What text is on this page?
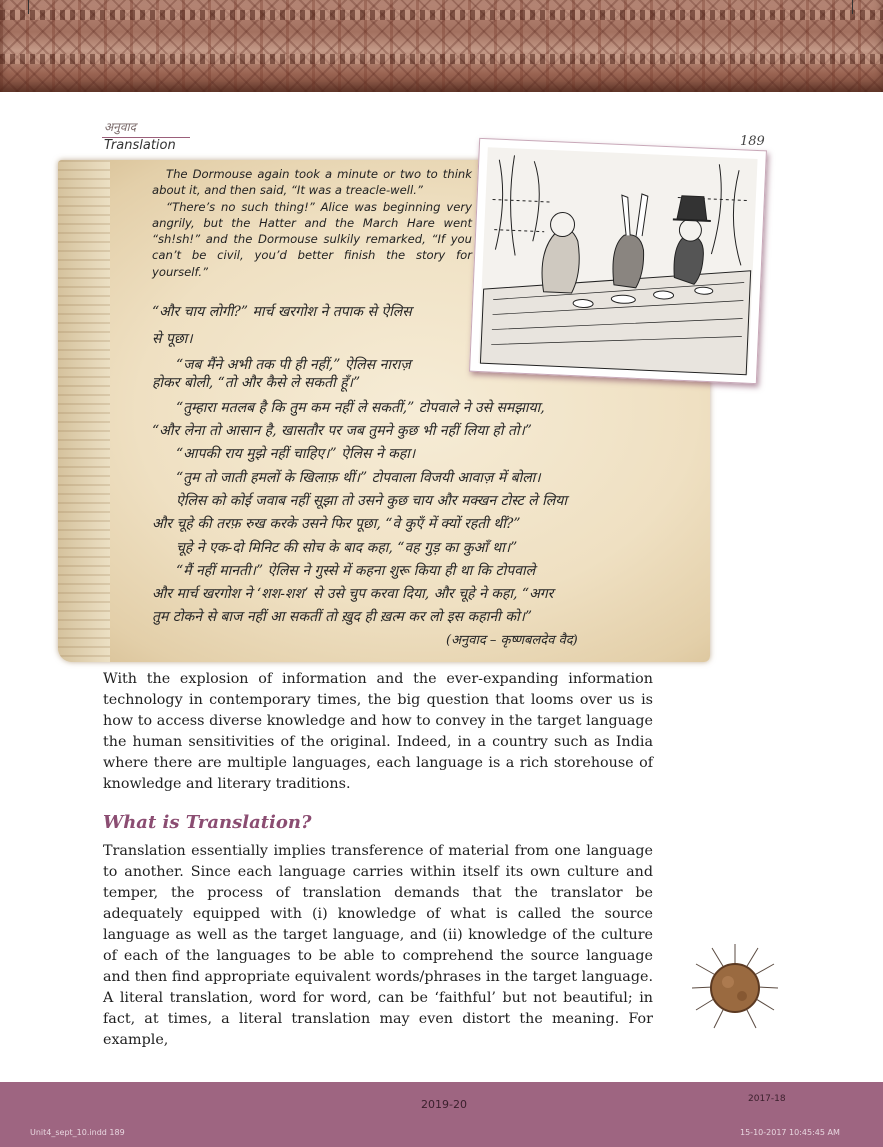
अनुवाद
Translation	189

The Dormouse again took a minute or two to think about it, and then said, “It was a treacle-well.”

“There’s no such thing!” Alice was beginning very angrily, but the Hatter and the March Hare went “sh!sh!” and the Dormouse sulkily remarked, “If you can’t be civil, you’d better finish the story for yourself.”

“और चाय लोगी?” मार्च खरगोश ने तपाक से ऐलिस
से पूछा।
“जब मैंने अभी तक पी ही नहीं,” ऐलिस नाराज़
होकर बोली, “तो और कैसे ले सकती हूँ।”
“तुम्हारा मतलब है कि तुम कम नहीं ले सकतीं,” टोपवाले ने उसे समझाया,
“और लेना तो आसान है, खासतौर पर जब तुमने कुछ भी नहीं लिया हो तो।”
“आपकी राय मुझे नहीं चाहिए।” ऐलिस ने कहा।
“तुम तो जाती हमलों के खिलाफ़ थीं।” टोपवाला विजयी आवाज़ में बोला।
ऐलिस को कोई जवाब नहीं सूझा तो उसने कुछ चाय और मक्खन टोस्ट ले लिया
और चूहे की तरफ़ रुख करके उसने फिर पूछा, “वे कुएँ में क्यों रहती थीं?”
चूहे ने एक-दो मिनिट की सोच के बाद कहा, “वह गुड़ का कुआँ था।”
“मैं नहीं मानती।” ऐलिस ने गुस्से में कहना शुरू किया ही था कि टोपवाले
और मार्च खरगोश ने ‘शश-शश’ से उसे चुप करवा दिया, और चूहे ने कहा, “अगर
तुम टोकने से बाज नहीं आ सकतीं तो ख़ुद ही ख़त्म कर लो इस कहानी को।”
(अनुवाद – कृष्णबलदेव वैद)

With the explosion of information and the ever-expanding information technology in contemporary times, the big question that looms over us is how to access diverse knowledge and how to convey in the target language the human sensitivities of the original. Indeed, in a country such as India where there are multiple languages, each language is a rich storehouse of knowledge and literary traditions.

What is Translation?

Translation essentially implies transference of material from one language to another. Since each language carries within itself its own culture and temper, the process of translation demands that the translator be adequately equipped with (i) knowledge of what is called the source language as well as the target language, and (ii) knowledge of the culture of each of the languages to be able to comprehend the source language and then find appropriate equivalent words/phrases in the target language. A literal translation, word for word, can be ‘faithful’ but not beautiful; in fact, at times, a literal translation may even distort the meaning. For example,

2019-20	2017-18
Unit4_sept_10.indd 189	15-10-2017 10:45:45 AM
